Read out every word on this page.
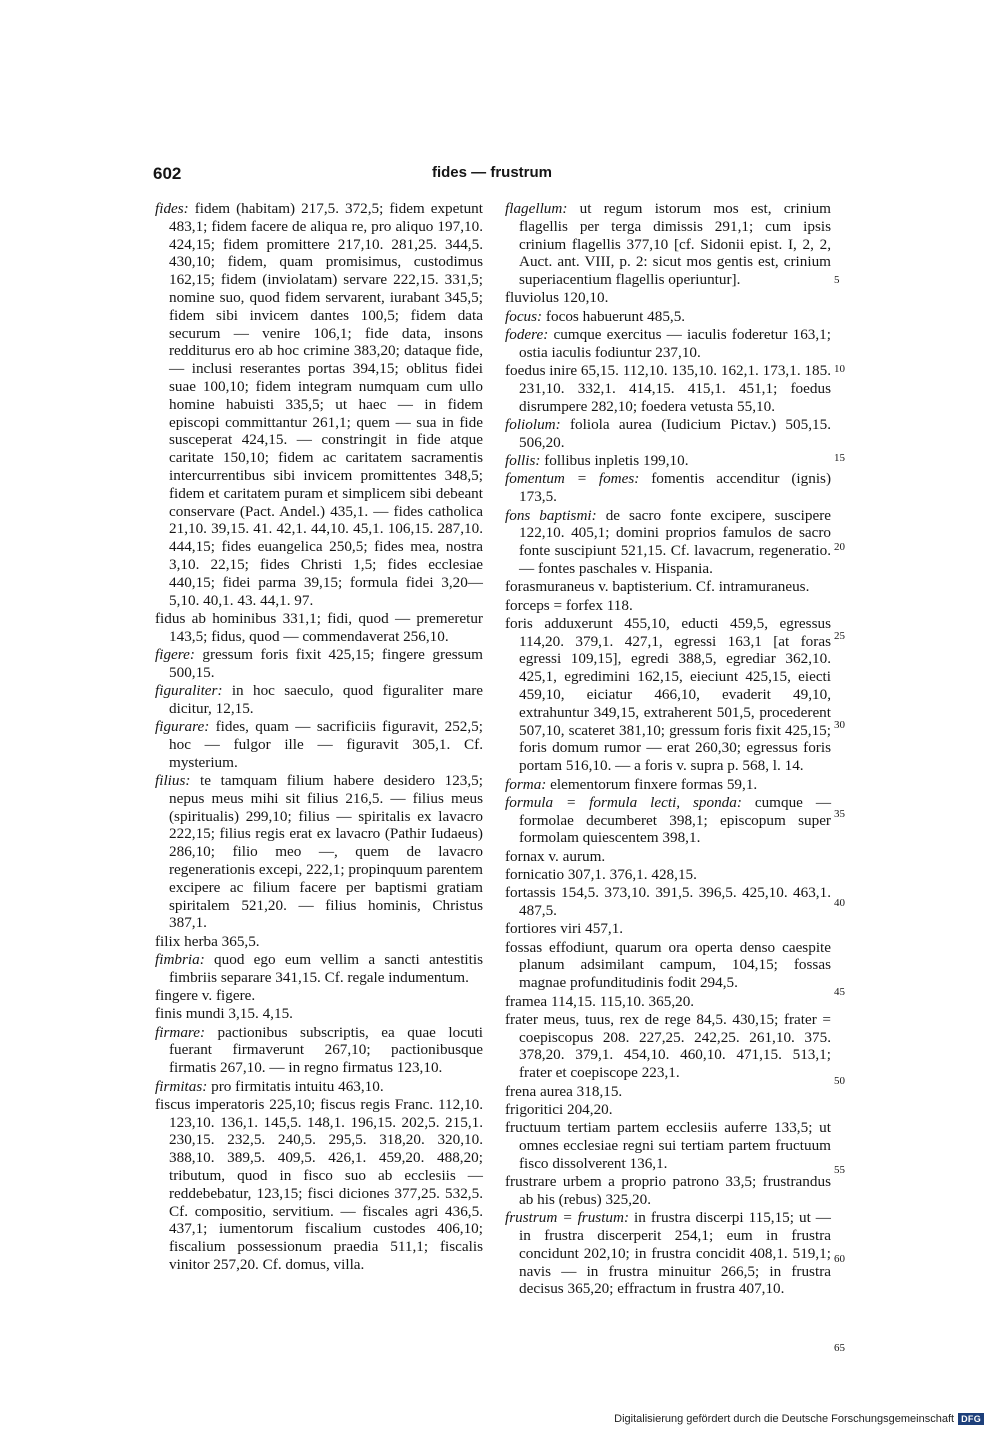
602	fides — frustrum

fides: fidem (habitam) 217,5. 372,5; fidem expetunt 483,1; fidem facere de aliqua re, pro aliquo 197,10. 424,15; fidem promittere 217,10. 281,25. 344,5. 430,10; fidem, quam promisimus, custodimus 162,15; fidem (inviolatam) servare 222,15. 331,5; nomine suo, quod fidem servarent, iurabant 345,5; fidem sibi invicem dantes 100,5; fidem data securum — venire 106,1; fide data, insons redditurus ero ab hoc crimine 383,20; dataque fide, — inclusi reserantes portas 394,15; oblitus fidei suae 100,10; fidem integram numquam cum ullo homine habuisti 335,5; ut haec — in fidem episcopi committantur 261,1; quem — sua in fide susceperat 424,15. — constringit in fide atque caritate 150,10; fidem ac caritatem sacramentis intercurrentibus sibi invicem promittentes 348,5; fidem et caritatem puram et simplicem sibi debeant conservare (Pact. Andel.) 435,1. — fides catholica 21,10. 39,15. 41. 42,1. 44,10. 45,1. 106,15. 287,10. 444,15; fides euangelica 250,5; fides mea, nostra 3,10. 22,15; fides Christi 1,5; fides ecclesiae 440,15; fidei parma 39,15; formula fidei 3,20—5,10. 40,1. 43. 44,1. 97.

fidus ab hominibus 331,1; fidi, quod — premeretur 143,5; fidus, quod — commendaverat 256,10.

figere: gressum foris fixit 425,15; fingere gressum 500,15.

figuraliter: in hoc saeculo, quod figuraliter mare dicitur, 12,15.

figurare: fides, quam — sacrificiis figuravit, 252,5; hoc — fulgor ille — figuravit 305,1. Cf. mysterium.

filius: te tamquam filium habere desidero 123,5; nepus meus mihi sit filius 216,5. — filius meus (spiritualis) 299,10; filius — spiritalis ex lavacro 222,15; filius regis erat ex lavacro (Pathir Iudaeus) 286,10; filio meo —, quem de lavacro regenerationis excepi, 222,1; propinquum parentem excipere ac filium facere per baptismi gratiam spiritalem 521,20. — filius hominis, Christus 387,1.

filix herba 365,5.

fimbria: quod ego eum vellim a sancti antestitis fimbriis separare 341,15. Cf. regale indumentum.

fingere v. figere.

finis mundi 3,15. 4,15.

firmare: pactionibus subscriptis, ea quae locuti fuerant firmaverunt 267,10; pactionibusque firmatis 267,10. — in regno firmatus 123,10.

firmitas: pro firmitatis intuitu 463,10.

fiscus imperatoris 225,10; fiscus regis Franc. 112,10. 123,10. 136,1. 145,5. 148,1. 196,15. 202,5. 215,1. 230,15. 232,5. 240,5. 295,5. 318,20. 320,10. 388,10. 389,5. 409,5. 426,1. 459,20. 488,20; tributum, quod in fisco suo ab ecclesiis — reddebebatur, 123,15; fisci diciones 377,25. 532,5. Cf. compositio, servitium. — fiscales agri 436,5. 437,1; iumentorum fiscalium custodes 406,10; fiscalium possessionum praedia 511,1; fiscalis vinitor 257,20. Cf. domus, villa.

flagellum: ut regum istorum mos est, crinium flagellis per terga dimissis 291,1; cum ipsis crinium flagellis 377,10 [cf. Sidonii epist. I, 2, 2, Auct. ant. VIII, p. 2: sicut mos gentis est, crinium superiacentium flagellis operiuntur].

fluviolus 120,10.

focus: focos habuerunt 485,5.

fodere: cumque exercitus — iaculis foderetur 163,1; ostia iaculis fodiuntur 237,10.

foedus inire 65,15. 112,10. 135,10. 162,1. 173,1. 185. 231,10. 332,1. 414,15. 415,1. 451,1; foedus disrumpere 282,10; foedera vetusta 55,10.

foliolum: foliola aurea (Iudicium Pictav.) 505,15. 506,20.

follis: follibus inpletis 199,10.

fomentum = fomes: fomentis accenditur (ignis) 173,5.

fons baptismi: de sacro fonte excipere, suscipere 122,10. 405,1; domini proprios famulos de sacro fonte suscipiunt 521,15. Cf. lavacrum, regeneratio. — fontes paschales v. Hispania.

forasmuraneus v. baptisterium. Cf. intramuraneus.

forceps = forfex 118.

foris adduxerunt 455,10, educti 459,5, egressus 114,20. 379,1. 427,1, egressi 163,1 [at foras egressi 109,15], egredi 388,5, egrediar 362,10. 425,1, egredimini 162,15, eieciunt 425,15, eiecti 459,10, eiciatur 466,10, evaderit 49,10, extrahuntur 349,15, extraherent 501,5, procederent 507,10, scateret 381,10; gressum foris fixit 425,15; foris domum rumor — erat 260,30; egressus foris portam 516,10. — a foris v. supra p. 568, l. 14.

forma: elementorum finxere formas 59,1.

formula = formula lecti, sponda: cumque — formolae decumberet 398,1; episcopum super formolam quiescentem 398,1.

fornax v. aurum.

fornicatio 307,1. 376,1. 428,15.

fortassis 154,5. 373,10. 391,5. 396,5. 425,10. 463,1. 487,5.

fortiores viri 457,1.

fossas effodiunt, quarum ora operta denso caespite planum adsimilant campum, 104,15; fossas magnae profunditudinis fodit 294,5.

framea 114,15. 115,10. 365,20.

frater meus, tuus, rex de rege 84,5. 430,15; frater = coepiscopus 208. 227,25. 242,25. 261,10. 375. 378,20. 379,1. 454,10. 460,10. 471,15. 513,1; frater et coepiscope 223,1.

frena aurea 318,15.

frigoritici 204,20.

fructuum tertiam partem ecclesiis auferre 133,5; ut omnes ecclesiae regni sui tertiam partem fructuum fisco dissolverent 136,1.

frustrare urbem a proprio patrono 33,5; frustrandus ab his (rebus) 325,20.

frustrum = frustum: in frustra discerpi 115,15; ut — in frustra discerperit 254,1; eum in frustra concidunt 202,10; in frustra concidit 408,1. 519,1; navis — in frustra minuitur 266,5; in frustra decisus 365,20; effractum in frustra 407,10.

5
10
15
20
25
30
35
40
45
50
55
60
65
Digitalisierung gefördert durch die Deutsche Forschungsgemeinschaft DFG
